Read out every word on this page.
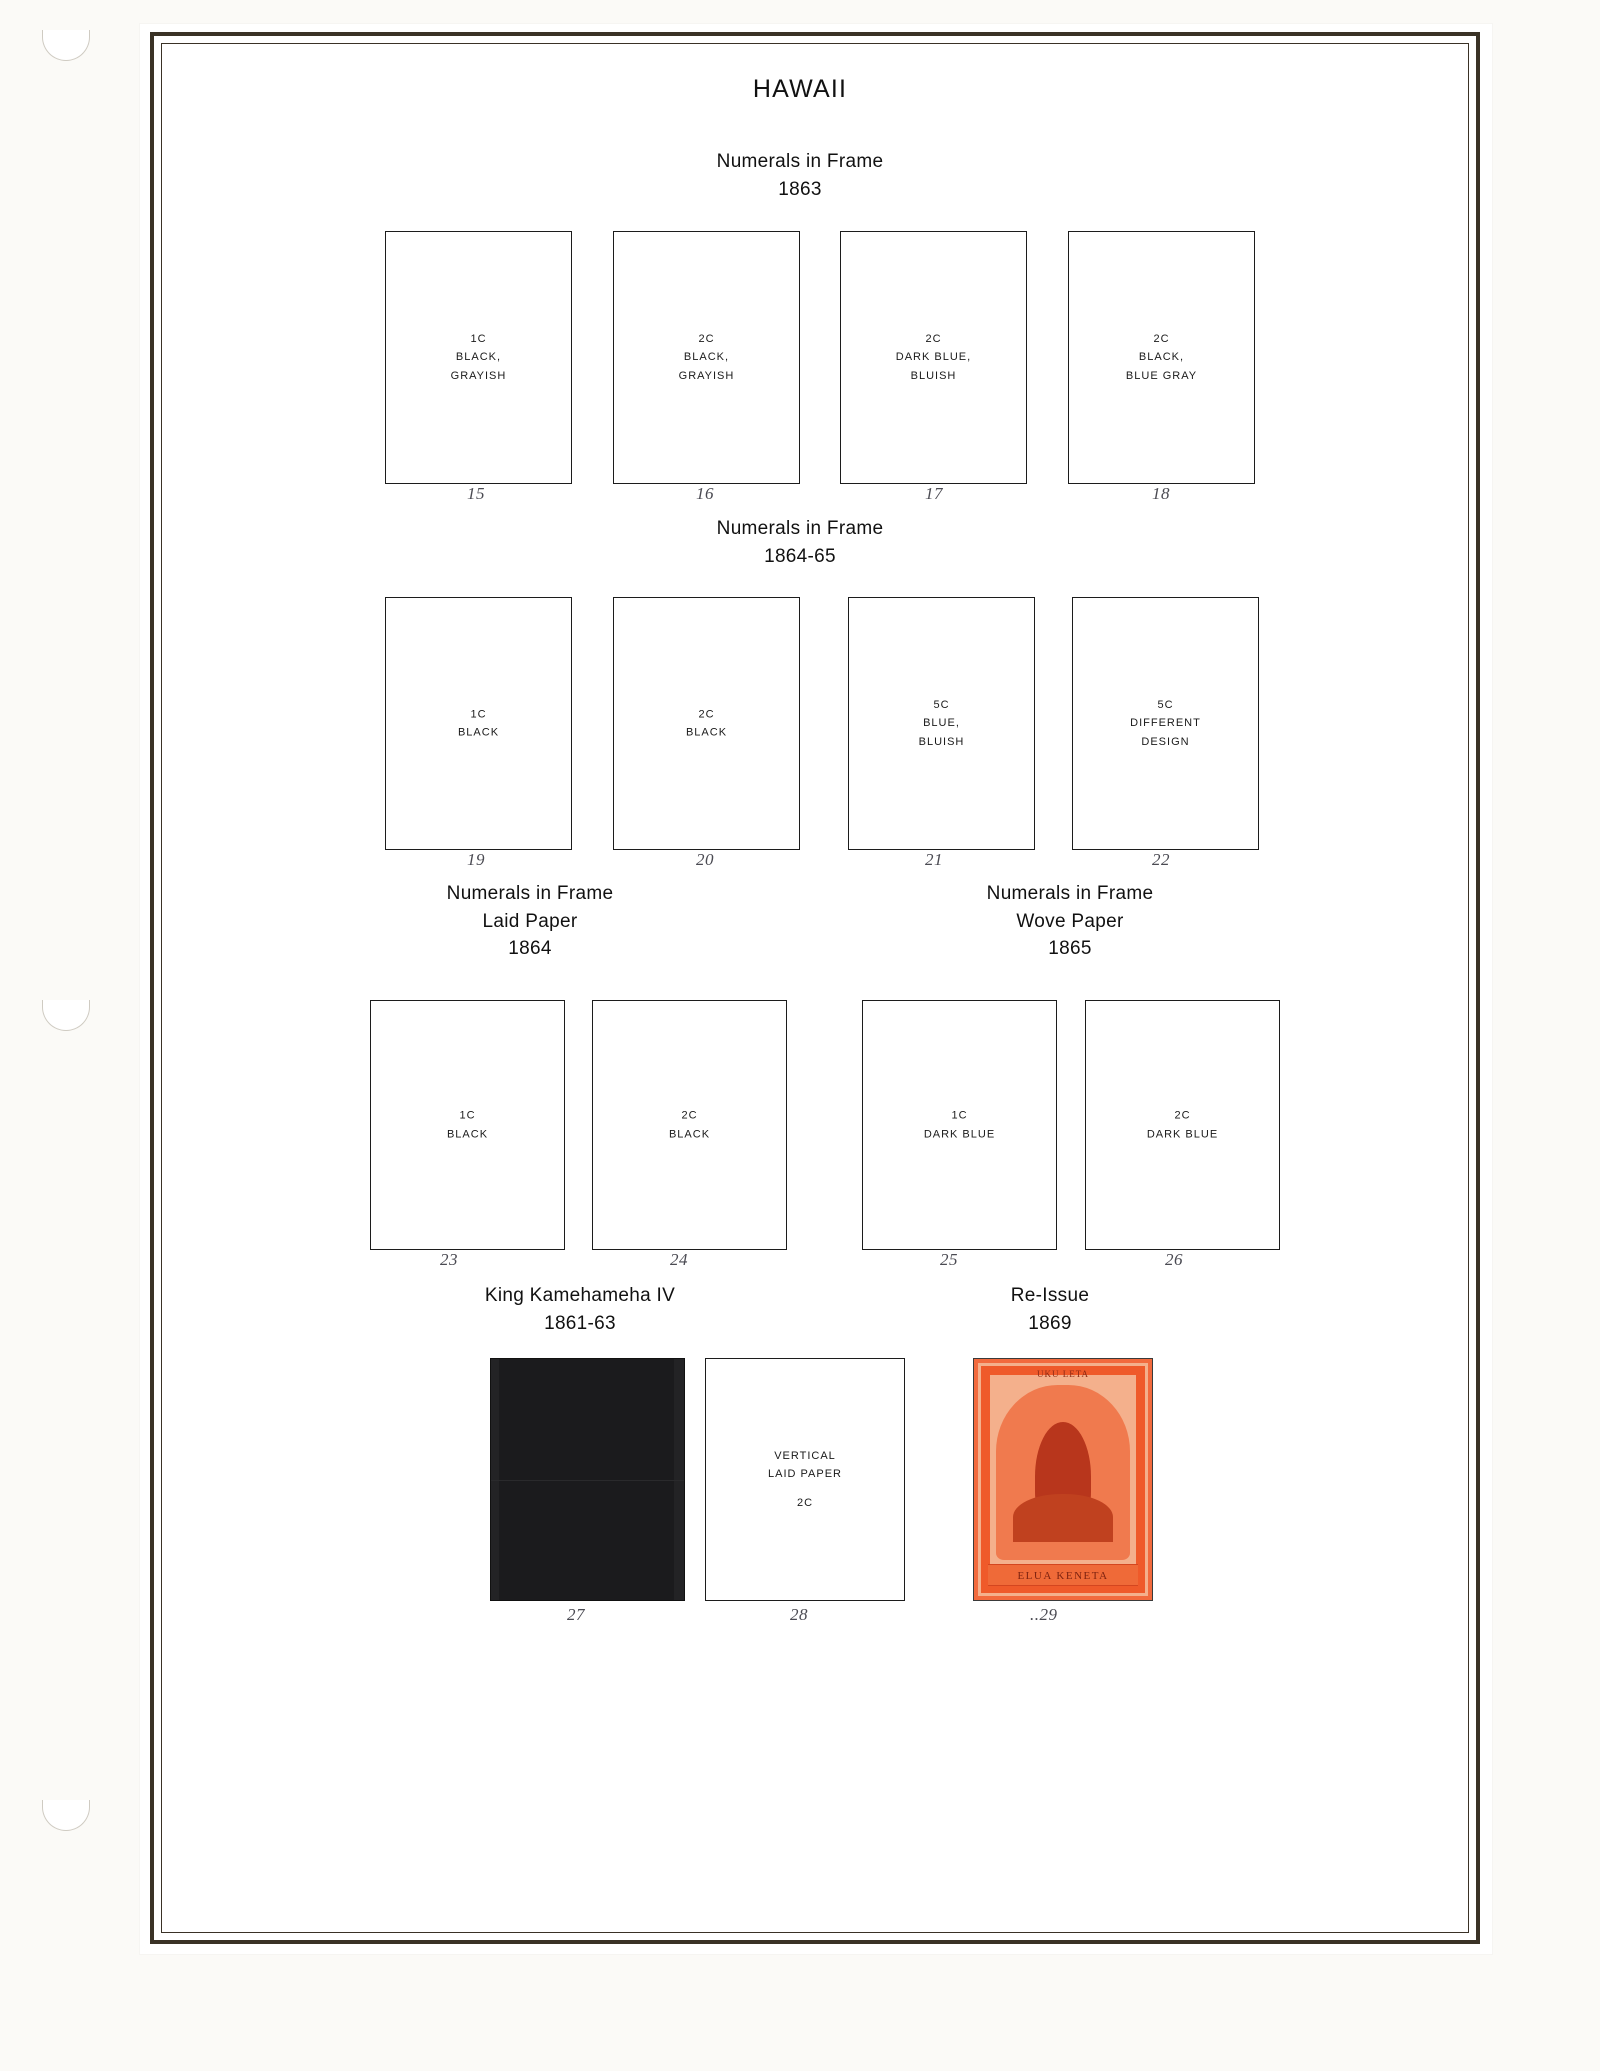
HAWAII
Numerals in Frame
1863
1C
BLACK,
GRAYISH
15
2C
BLACK,
GRAYISH
16
2C
DARK BLUE,
BLUISH
17
2C
BLACK,
BLUE GRAY
18
Numerals in Frame
1864-65
1C
BLACK
19
2C
BLACK
20
5C
BLUE,
BLUISH
21
5C
DIFFERENT
DESIGN
22
Numerals in Frame
Laid Paper
1864
Numerals in Frame
Wove Paper
1865
1C
BLACK
23
2C
BLACK
24
1C
DARK BLUE
25
2C
DARK BLUE
26
King Kamehameha IV
1861-63
Re-Issue
1869
27
VERTICAL
LAID PAPER
2C
28
UKU LETA
ELUA KENETA
..29
